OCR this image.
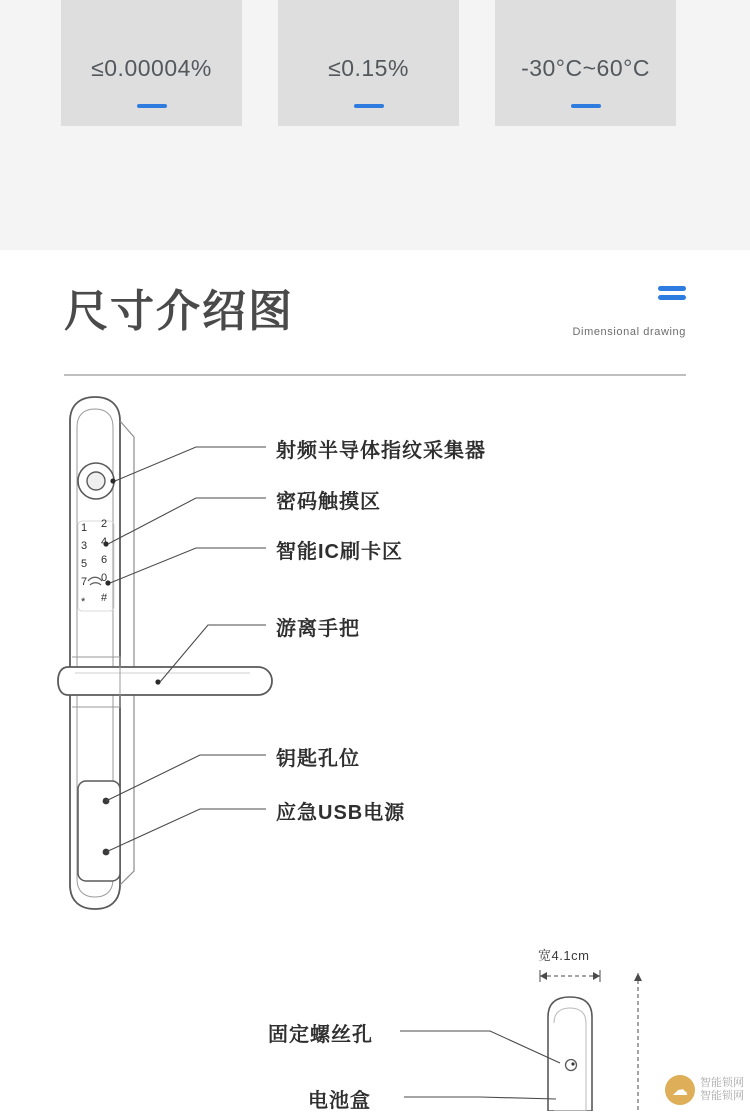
≤0.00004%	≤0.15%	-30°C~60°C
尺寸介绍图	Dimensional drawing
1 2
3 4
5 6
7 0
* #
射频半导体指纹采集器
密码触摸区
智能IC刷卡区
游离手把
钥匙孔位
应急USB电源
固定螺丝孔
电池盒
宽4.1cm
☁	智能锁网
智能锁网
